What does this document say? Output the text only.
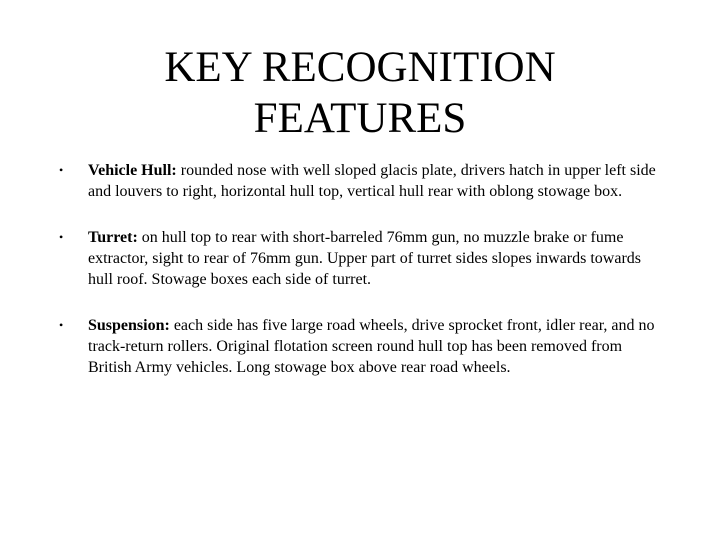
KEY RECOGNITION
FEATURES
• Vehicle Hull: rounded nose with well sloped glacis plate, drivers hatch in upper left side and louvers to right, horizontal hull top, vertical hull rear with oblong stowage box.
• Turret: on hull top to rear with short-barreled 76mm gun, no muzzle brake or fume extractor, sight to rear of 76mm gun. Upper part of turret sides slopes inwards towards hull roof. Stowage boxes each side of turret.
• Suspension: each side has five large road wheels, drive sprocket front, idler rear, and no track-return rollers. Original flotation screen round hull top has been removed from British Army vehicles. Long stowage box above rear road wheels.
